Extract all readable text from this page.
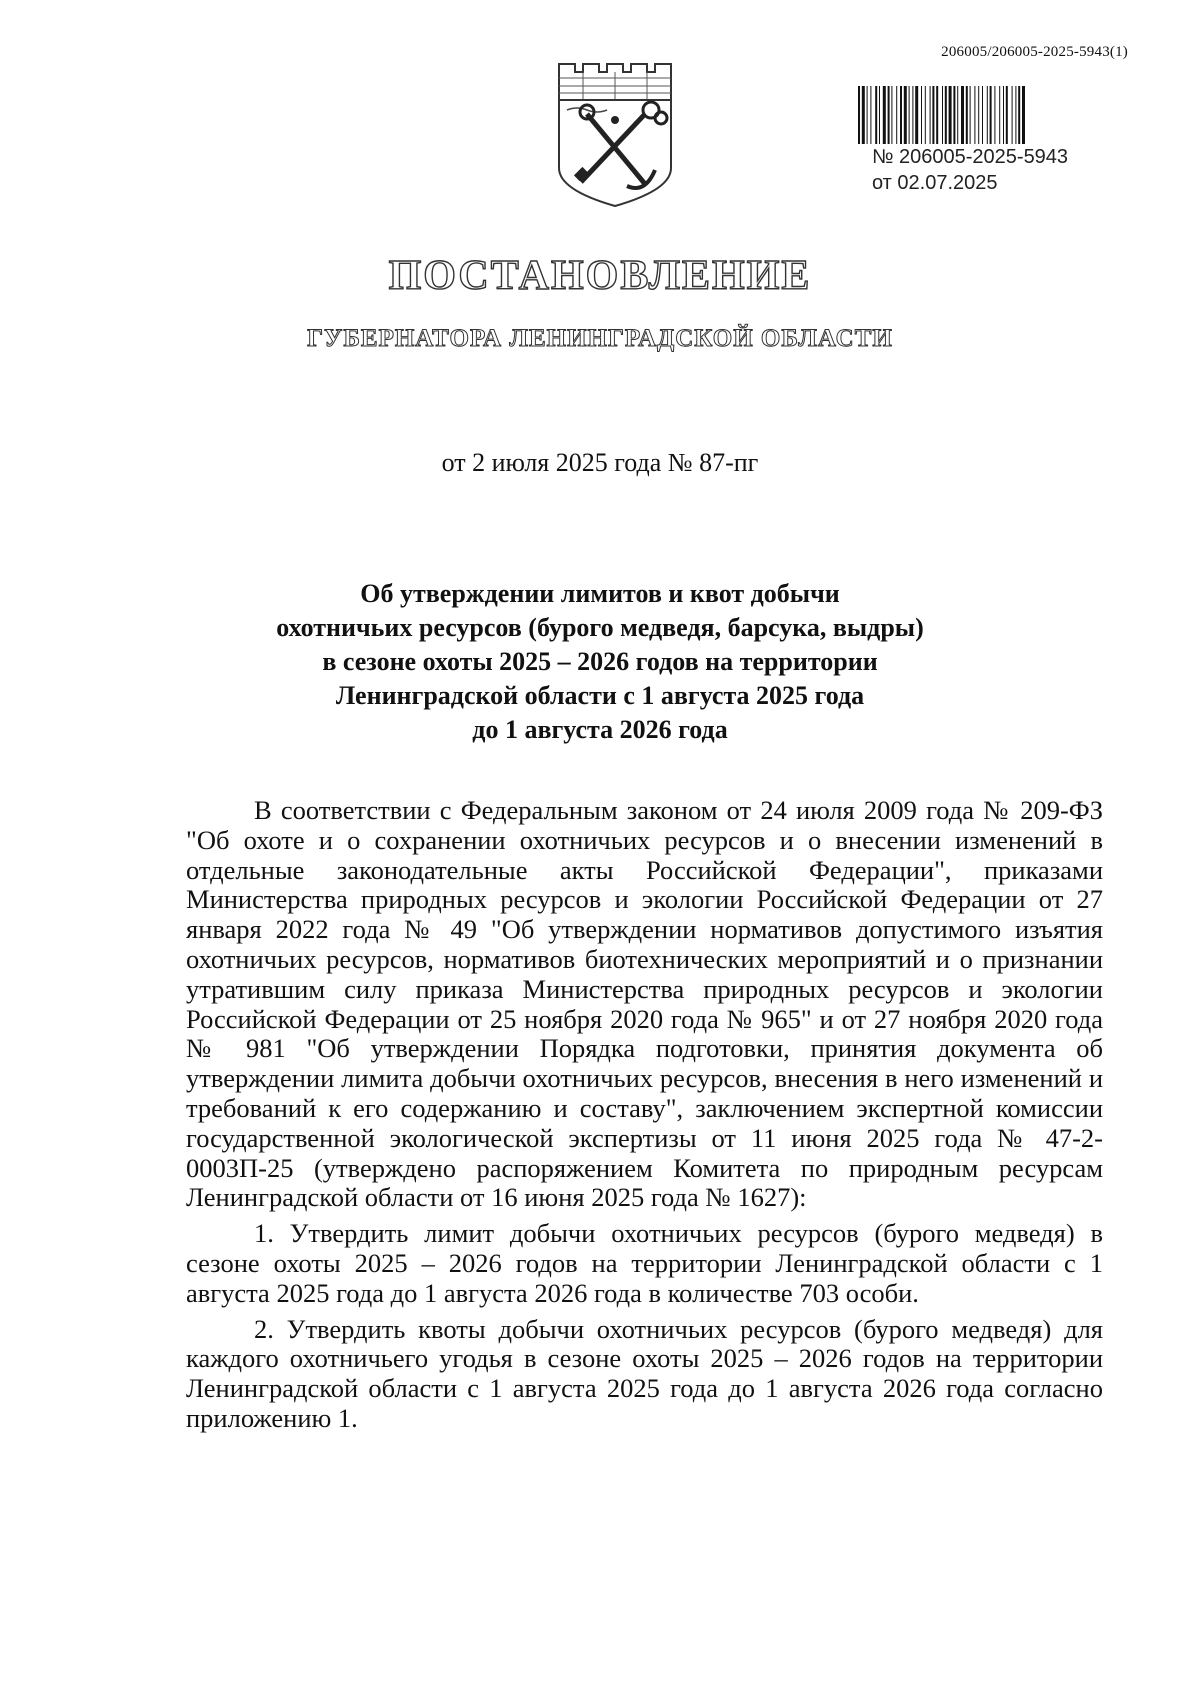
206005/206005-2025-5943(1)
№ 206005-2025-5943
от 02.07.2025
ПОСТАНОВЛЕНИЕ
ГУБЕРНАТОРА ЛЕНИНГРАДСКОЙ ОБЛАСТИ
от 2 июля 2025 года № 87-пг
Об утверждении лимитов и квот добычи
охотничьих ресурсов (бурого медведя, барсука, выдры)
в сезоне охоты 2025 – 2026 годов на территории
Ленинградской области с 1 августа 2025 года
до 1 августа 2026 года

В соответствии с Федеральным законом от 24 июля 2009 года № 209-ФЗ "Об охоте и о сохранении охотничьих ресурсов и о внесении изменений в отдельные законодательные акты Российской Федерации", приказами Министерства природных ресурсов и экологии Российской Федерации от 27 января 2022 года № 49 "Об утверждении нормативов допустимого изъятия охотничьих ресурсов, нормативов биотехнических мероприятий и о признании утратившим силу приказа Министерства природных ресурсов и экологии Российской Федерации от 25 ноября 2020 года № 965" и от 27 ноября 2020 года № 981 "Об утверждении Порядка подготовки, принятия документа об утверждении лимита добычи охотничьих ресурсов, внесения в него изменений и требований к его содержанию и составу", заключением экспертной комиссии государственной экологической экспертизы от 11 июня 2025 года № 47-2-0003П-25 (утверждено распоряжением Комитета по природным ресурсам Ленинградской области от 16 июня 2025 года № 1627):

1. Утвердить лимит добычи охотничьих ресурсов (бурого медведя) в сезоне охоты 2025 – 2026 годов на территории Ленинградской области с 1 августа 2025 года до 1 августа 2026 года в количестве 703 особи.

2. Утвердить квоты добычи охотничьих ресурсов (бурого медведя) для каждого охотничьего угодья в сезоне охоты 2025 – 2026 годов на территории Ленинградской области с 1 августа 2025 года до 1 августа 2026 года согласно приложению 1.
